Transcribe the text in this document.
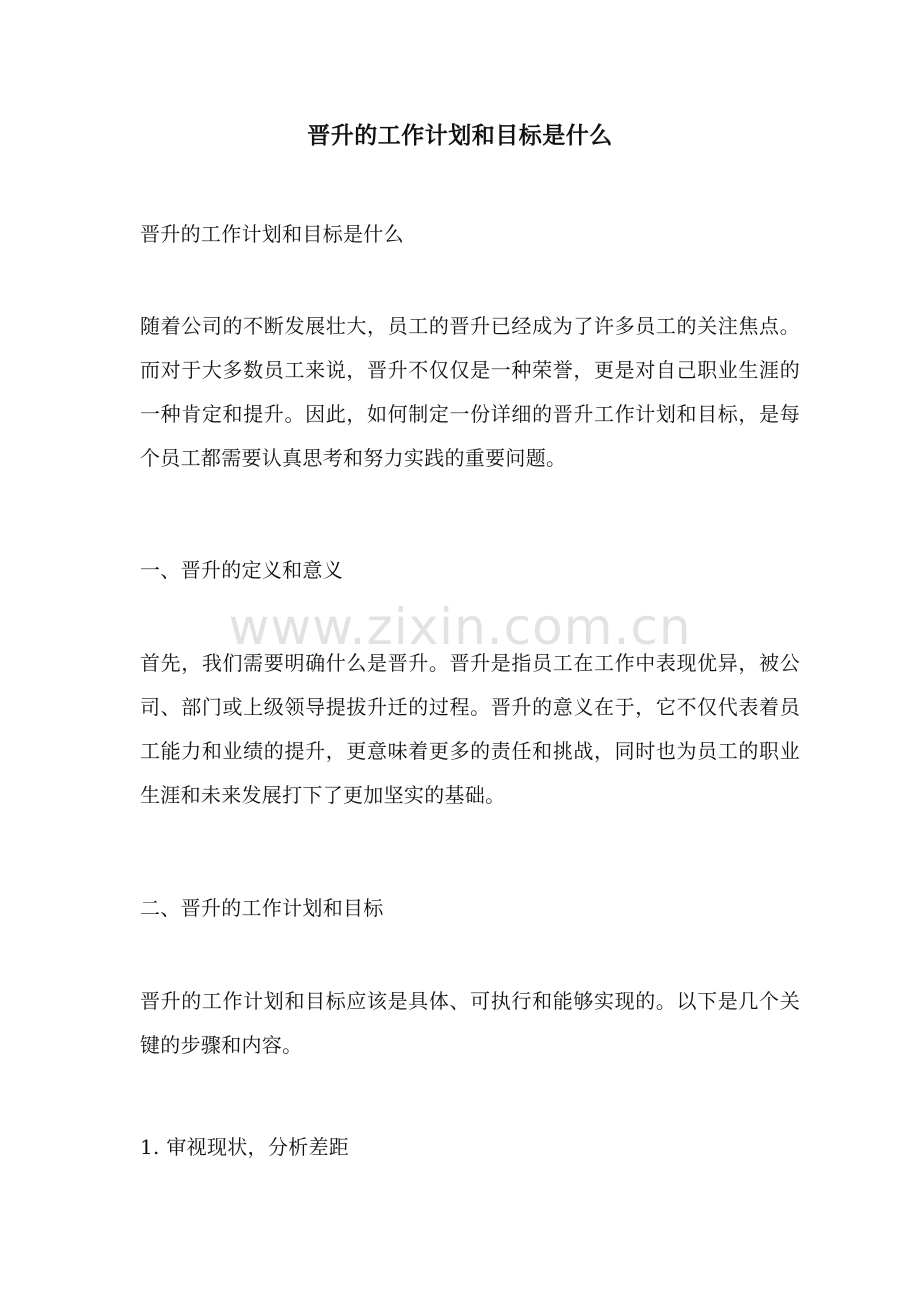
晋升的工作计划和目标是什么
晋升的工作计划和目标是什么
随着公司的不断发展壮大，员工的晋升已经成为了许多员工的关注焦点。而对于大多数员工来说，晋升不仅仅是一种荣誉，更是对自己职业生涯的一种肯定和提升。因此，如何制定一份详细的晋升工作计划和目标，是每个员工都需要认真思考和努力实践的重要问题。
一、晋升的定义和意义
首先，我们需要明确什么是晋升。晋升是指员工在工作中表现优异，被公司、部门或上级领导提拔升迁的过程。晋升的意义在于，它不仅代表着员工能力和业绩的提升，更意味着更多的责任和挑战，同时也为员工的职业生涯和未来发展打下了更加坚实的基础。
二、晋升的工作计划和目标
晋升的工作计划和目标应该是具体、可执行和能够实现的。以下是几个关键的步骤和内容。
1. 审视现状，分析差距
www.zixin.com.cn
